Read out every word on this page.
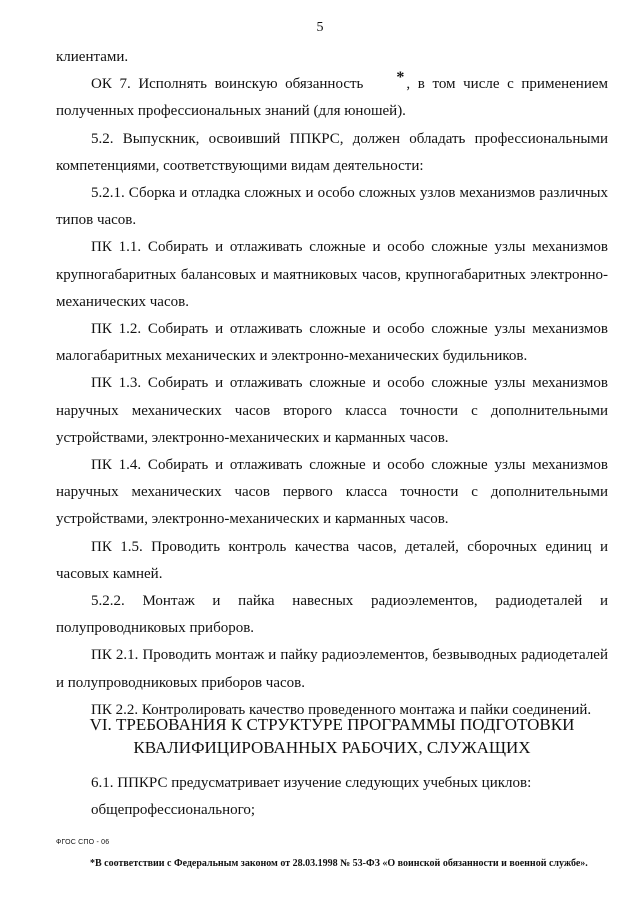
5

клиентами.

ОК 7. Исполнять воинскую обязанность * , в том числе с применением полученных профессиональных знаний (для юношей).

5.2. Выпускник, освоивший ППКРС, должен обладать профессиональными компетенциями, соответствующими видам деятельности:

5.2.1. Сборка и отладка сложных и особо сложных узлов механизмов различных типов часов.

ПК 1.1. Собирать и отлаживать сложные и особо сложные узлы механизмов крупногабаритных балансовых и маятниковых часов, крупногабаритных электронно-механических часов.

ПК 1.2. Собирать и отлаживать сложные и особо сложные узлы механизмов малогабаритных механических и электронно-механических будильников.

ПК 1.3. Собирать и отлаживать сложные и особо сложные узлы механизмов наручных механических часов второго класса точности с дополнительными устройствами, электронно-механических и карманных часов.

ПК 1.4. Собирать и отлаживать сложные и особо сложные узлы механизмов наручных механических часов первого класса точности с дополнительными устройствами, электронно-механических и карманных часов.

ПК 1.5. Проводить контроль качества часов, деталей, сборочных единиц и часовых камней.

5.2.2. Монтаж и пайка навесных радиоэлементов, радиодеталей и полупроводниковых приборов.

ПК 2.1. Проводить монтаж и пайку радиоэлементов, безвыводных радиодеталей и полупроводниковых приборов часов.

ПК 2.2. Контролировать качество проведенного монтажа и пайки соединений.

VI. ТРЕБОВАНИЯ К СТРУКТУРЕ ПРОГРАММЫ ПОДГОТОВКИ
КВАЛИФИЦИРОВАННЫХ РАБОЧИХ, СЛУЖАЩИХ

6.1. ППКРС предусматривает изучение следующих учебных циклов:

общепрофессионального;

ФГОС СПО - 06
*В соответствии с Федеральным законом от 28.03.1998 № 53-ФЗ «О воинской обязанности и военной службе».
